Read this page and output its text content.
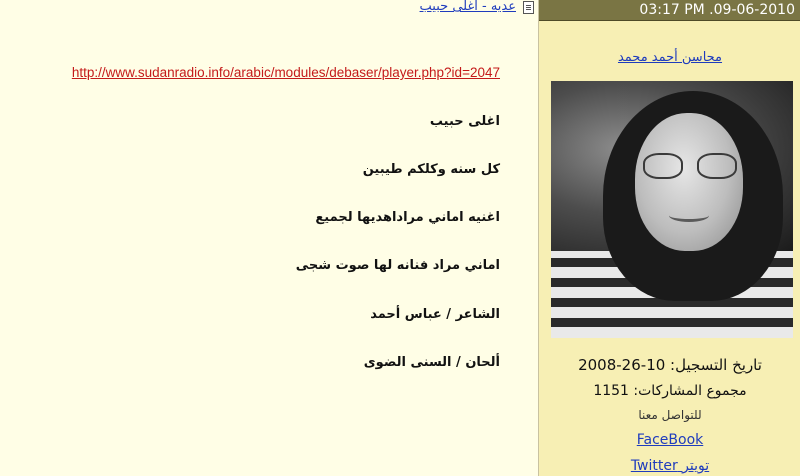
عديه - اغلى حبيب
http://www.sudanradio.info/arabic/modules/debaser/player.php?id=2047
اغلى حبيب
كل سنه وكلكم طيبين
اغنيه اماني مراداهديها لجميع
اماني مراد فنانه لها صوت شجى
الشاعر / عباس أحمد
ألحان / السنى الضوى
03:17 PM .09-06-2010
محاسن أحمد محمد
تاريخ التسجيل: 10-26-2008
مجموع المشاركات: 1151
للتواصل معنا
FaceBook
تويتر Twitter
